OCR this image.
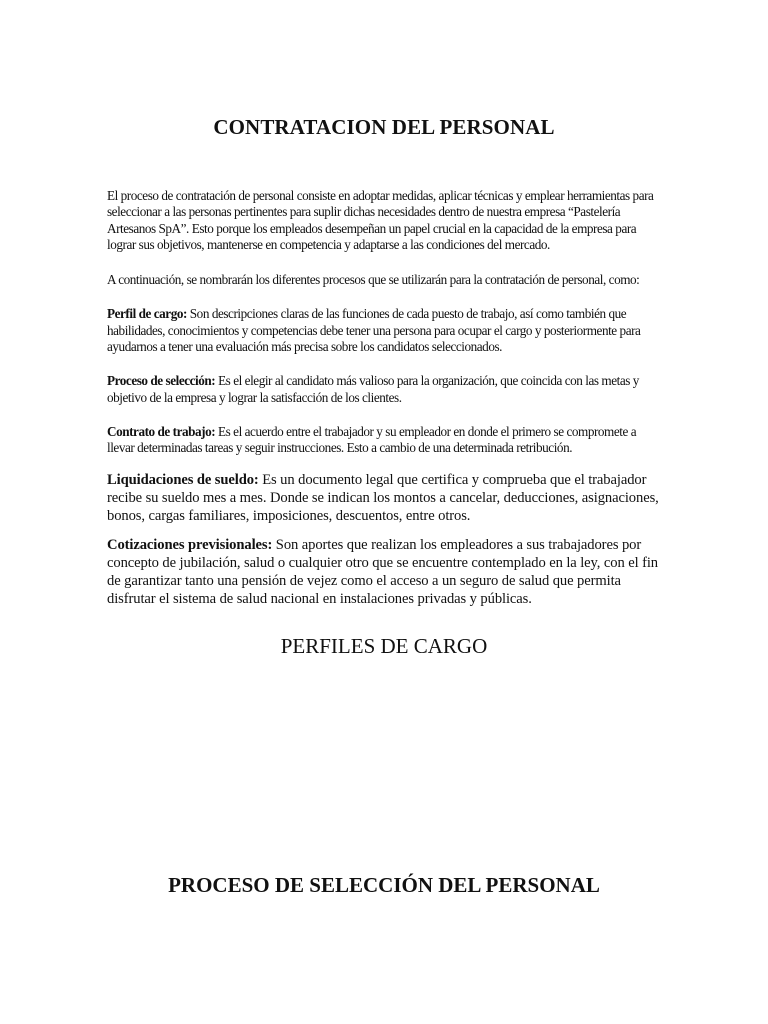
CONTRATACION DEL PERSONAL

El proceso de contratación de personal consiste en adoptar medidas, aplicar técnicas y emplear herramientas para seleccionar a las personas pertinentes para suplir dichas necesidades dentro de nuestra empresa “Pastelería Artesanos SpA”. Esto porque los empleados desempeñan un papel crucial en la capacidad de la empresa para lograr sus objetivos, mantenerse en competencia y adaptarse a las condiciones del mercado.

A continuación, se nombrarán los diferentes procesos que se utilizarán para la contratación de personal, como:

Perfil de cargo: Son descripciones claras de las funciones de cada puesto de trabajo, así como también que habilidades, conocimientos y competencias debe tener una persona para ocupar el cargo y posteriormente para ayudarnos a tener una evaluación más precisa sobre los candidatos seleccionados.

Proceso de selección: Es el elegir al candidato más valioso para la organización, que coincida con las metas y objetivo de la empresa y lograr la satisfacción de los clientes.

Contrato de trabajo: Es el acuerdo entre el trabajador y su empleador en donde el primero se compromete a llevar determinadas tareas y seguir instrucciones. Esto a cambio de una determinada retribución.

Liquidaciones de sueldo: Es un documento legal que certifica y comprueba que el trabajador recibe su sueldo mes a mes. Donde se indican los montos a cancelar, deducciones, asignaciones, bonos, cargas familiares, imposiciones, descuentos, entre otros.

Cotizaciones previsionales: Son aportes que realizan los empleadores a sus trabajadores por concepto de jubilación, salud o cualquier otro que se encuentre contemplado en la ley, con el fin de garantizar tanto una pensión de vejez como el acceso a un seguro de salud que permita disfrutar el sistema de salud nacional en instalaciones privadas y públicas.

PERFILES DE CARGO
PROCESO DE SELECCIÓN DEL PERSONAL
